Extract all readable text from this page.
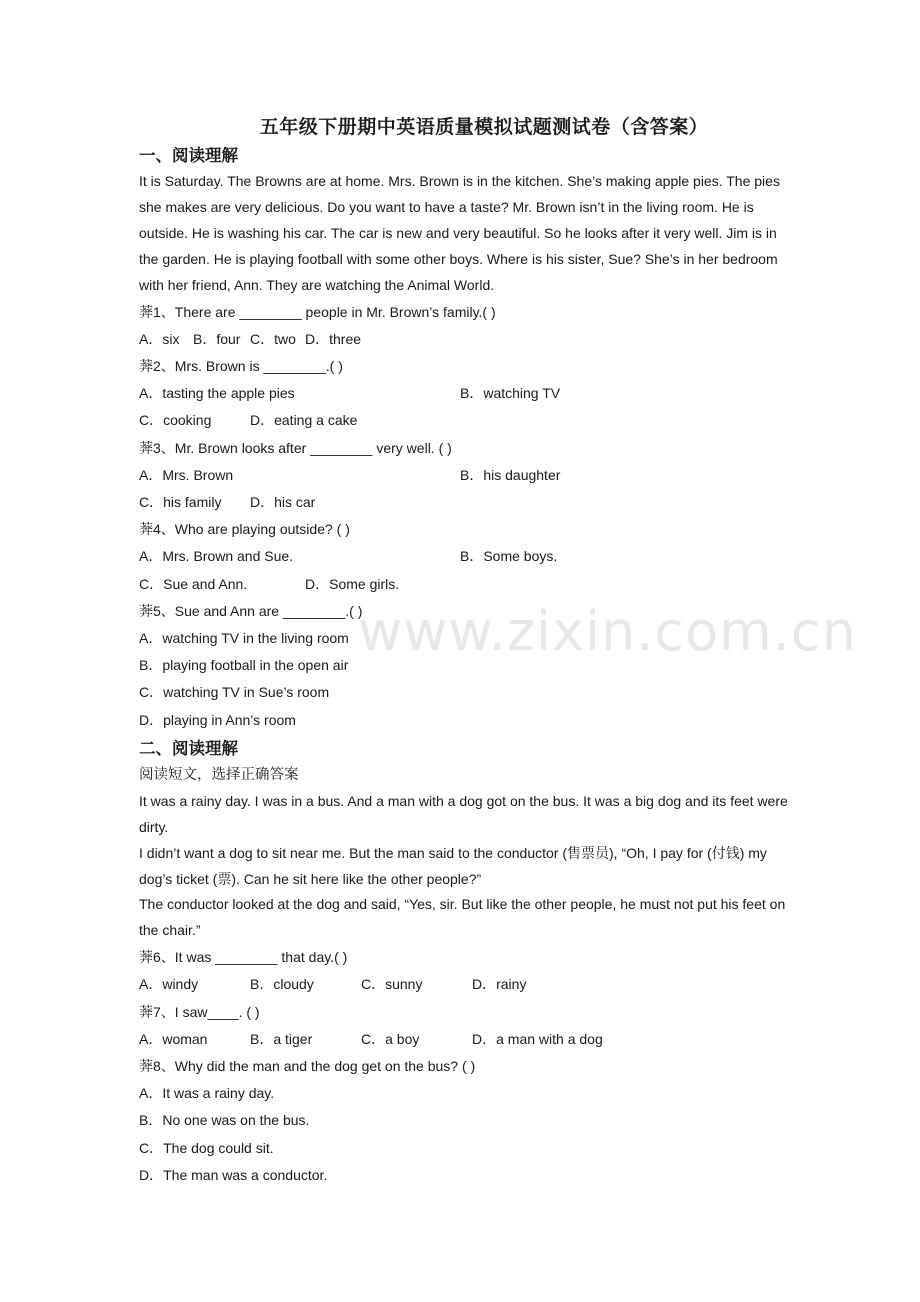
五年级下册期中英语质量模拟试题测试卷（含答案）
一、阅读理解

It is Saturday. The Browns are at home. Mrs. Brown is in the kitchen. She’s making apple pies. The pies she makes are very delicious. Do you want to have a taste? Mr. Brown isn’t in the living room. He is outside. He is washing his car. The car is new and very beautiful. So he looks after it very well. Jim is in the garden. He is playing football with some other boys. Where is his sister, Sue? She’s in her bedroom with her friend, Ann. They are watching the Animal World.

莾1、There are ________ people in Mr. Brown’s family.( )
A．six B．four C．two D．three
莾2、Mrs. Brown is ________.( )
A．tasting the apple pies	B．watching TV
C．cooking	D．eating a cake
莾3、Mr. Brown looks after ________ very well. ( )
A．Mrs. Brown	B．his daughter
C．his family D．his car
莾4、Who are playing outside? ( )
A．Mrs. Brown and Sue.	B．Some boys.
C．Sue and Ann.	D．Some girls.
莾5、Sue and Ann are ________.( )
A．watching TV in the living room
B．playing football in the open air
C．watching TV in Sue’s room
D．playing in Ann’s room
二、阅读理解
阅读短文，选择正确答案

It was a rainy day. I was in a bus. And a man with a dog got on the bus. It was a big dog and its feet were dirty.

I didn’t want a dog to sit near me. But the man said to the conductor (售票员), “Oh, I pay for (付钱) my dog’s ticket (票). Can he sit here like the other people?”

The conductor looked at the dog and said, “Yes, sir. But like the other people, he must not put his feet on the chair.”

莾6、It was ________ that day.( )
A．windy	B．cloudy	C．sunny	D．rainy
莾7、I saw____. ( )
A．woman	B．a tiger	C．a boy	D．a man with a dog
莾8、Why did the man and the dog get on the bus? ( )
A．It was a rainy day.
B．No one was on the bus.
C．The dog could sit.
D．The man was a conductor.
www.zixin.com.cn
